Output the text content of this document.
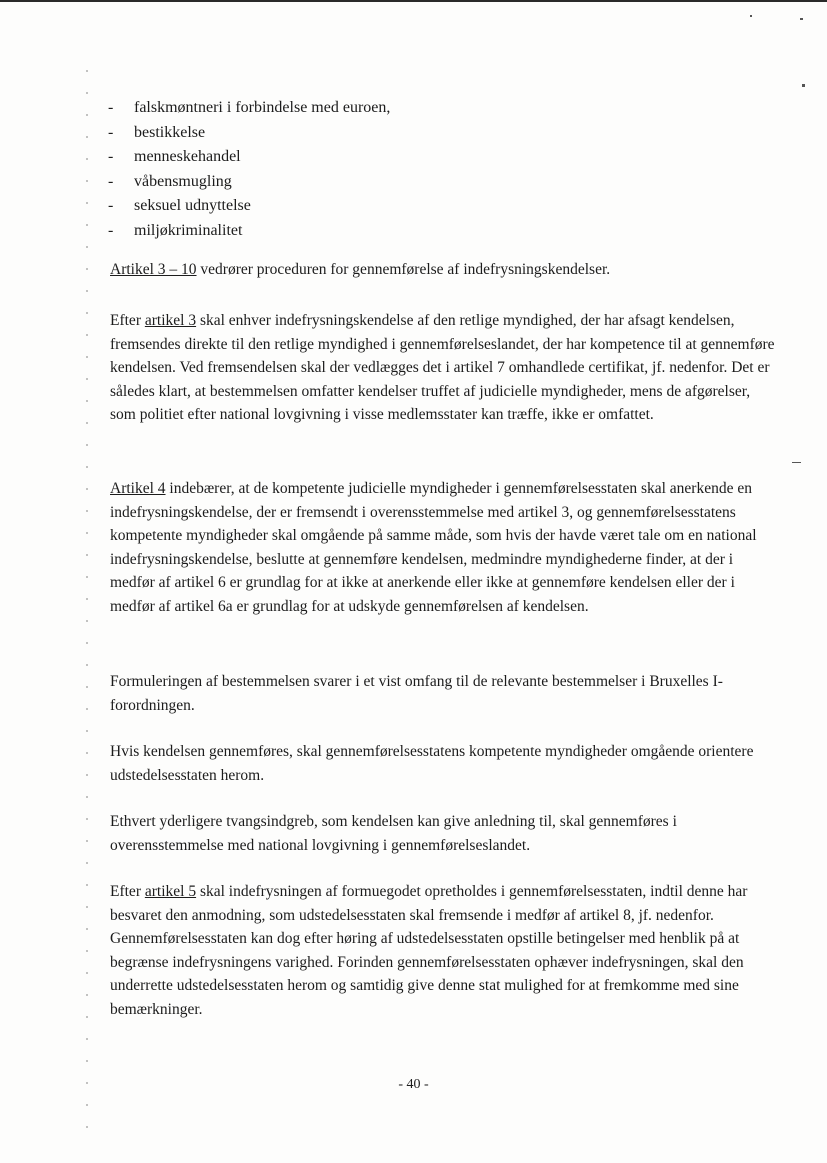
- falskmøntneri i forbindelse med euroen,
- bestikkelse
- menneskehandel
- våbensmugling
- seksuel udnyttelse
- miljøkriminalitet

Artikel 3 – 10 vedrører proceduren for gennemførelse af indefrysningskendelser.

Efter artikel 3 skal enhver indefrysningskendelse af den retlige myndighed, der har afsagt kendelsen, fremsendes direkte til den retlige myndighed i gennemførelseslandet, der har kompetence til at gennemføre kendelsen. Ved fremsendelsen skal der vedlægges det i artikel 7 omhandlede certifikat, jf. nedenfor. Det er således klart, at bestemmelsen omfatter kendelser truffet af judicielle myndigheder, mens de afgørelser, som politiet efter national lovgivning i visse medlemsstater kan træffe, ikke er omfattet.

Artikel 4 indebærer, at de kompetente judicielle myndigheder i gennemførelsesstaten skal anerkende en indefrysningskendelse, der er fremsendt i overensstemmelse med artikel 3, og gennemførelsesstatens kompetente myndigheder skal omgående på samme måde, som hvis der havde været tale om en national indefrysningskendelse, beslutte at gennemføre kendelsen, medmindre myndighederne finder, at der i medfør af artikel 6 er grundlag for at ikke at anerkende eller ikke at gennemføre kendelsen eller der i medfør af artikel 6a er grundlag for at udskyde gennemførelsen af kendelsen.

Formuleringen af bestemmelsen svarer i et vist omfang til de relevante bestemmelser i Bruxelles I-forordningen.

Hvis kendelsen gennemføres, skal gennemførelsesstatens kompetente myndigheder omgående orientere udstedelsesstaten herom.

Ethvert yderligere tvangsindgreb, som kendelsen kan give anledning til, skal gennemføres i overensstemmelse med national lovgivning i gennemførelseslandet.

Efter artikel 5 skal indefrysningen af formuegodet opretholdes i gennemførelsesstaten, indtil denne har besvaret den anmodning, som udstedelsesstaten skal fremsende i medfør af artikel 8, jf. nedenfor. Gennemførelsesstaten kan dog efter høring af udstedelsesstaten opstille betingelser med henblik på at begrænse indefrysningens varighed. Forinden gennemførelsesstaten ophæver indefrysningen, skal den underrette udstedelsesstaten herom og samtidig give denne stat mulighed for at fremkomme med sine bemærkninger.

- 40 -
